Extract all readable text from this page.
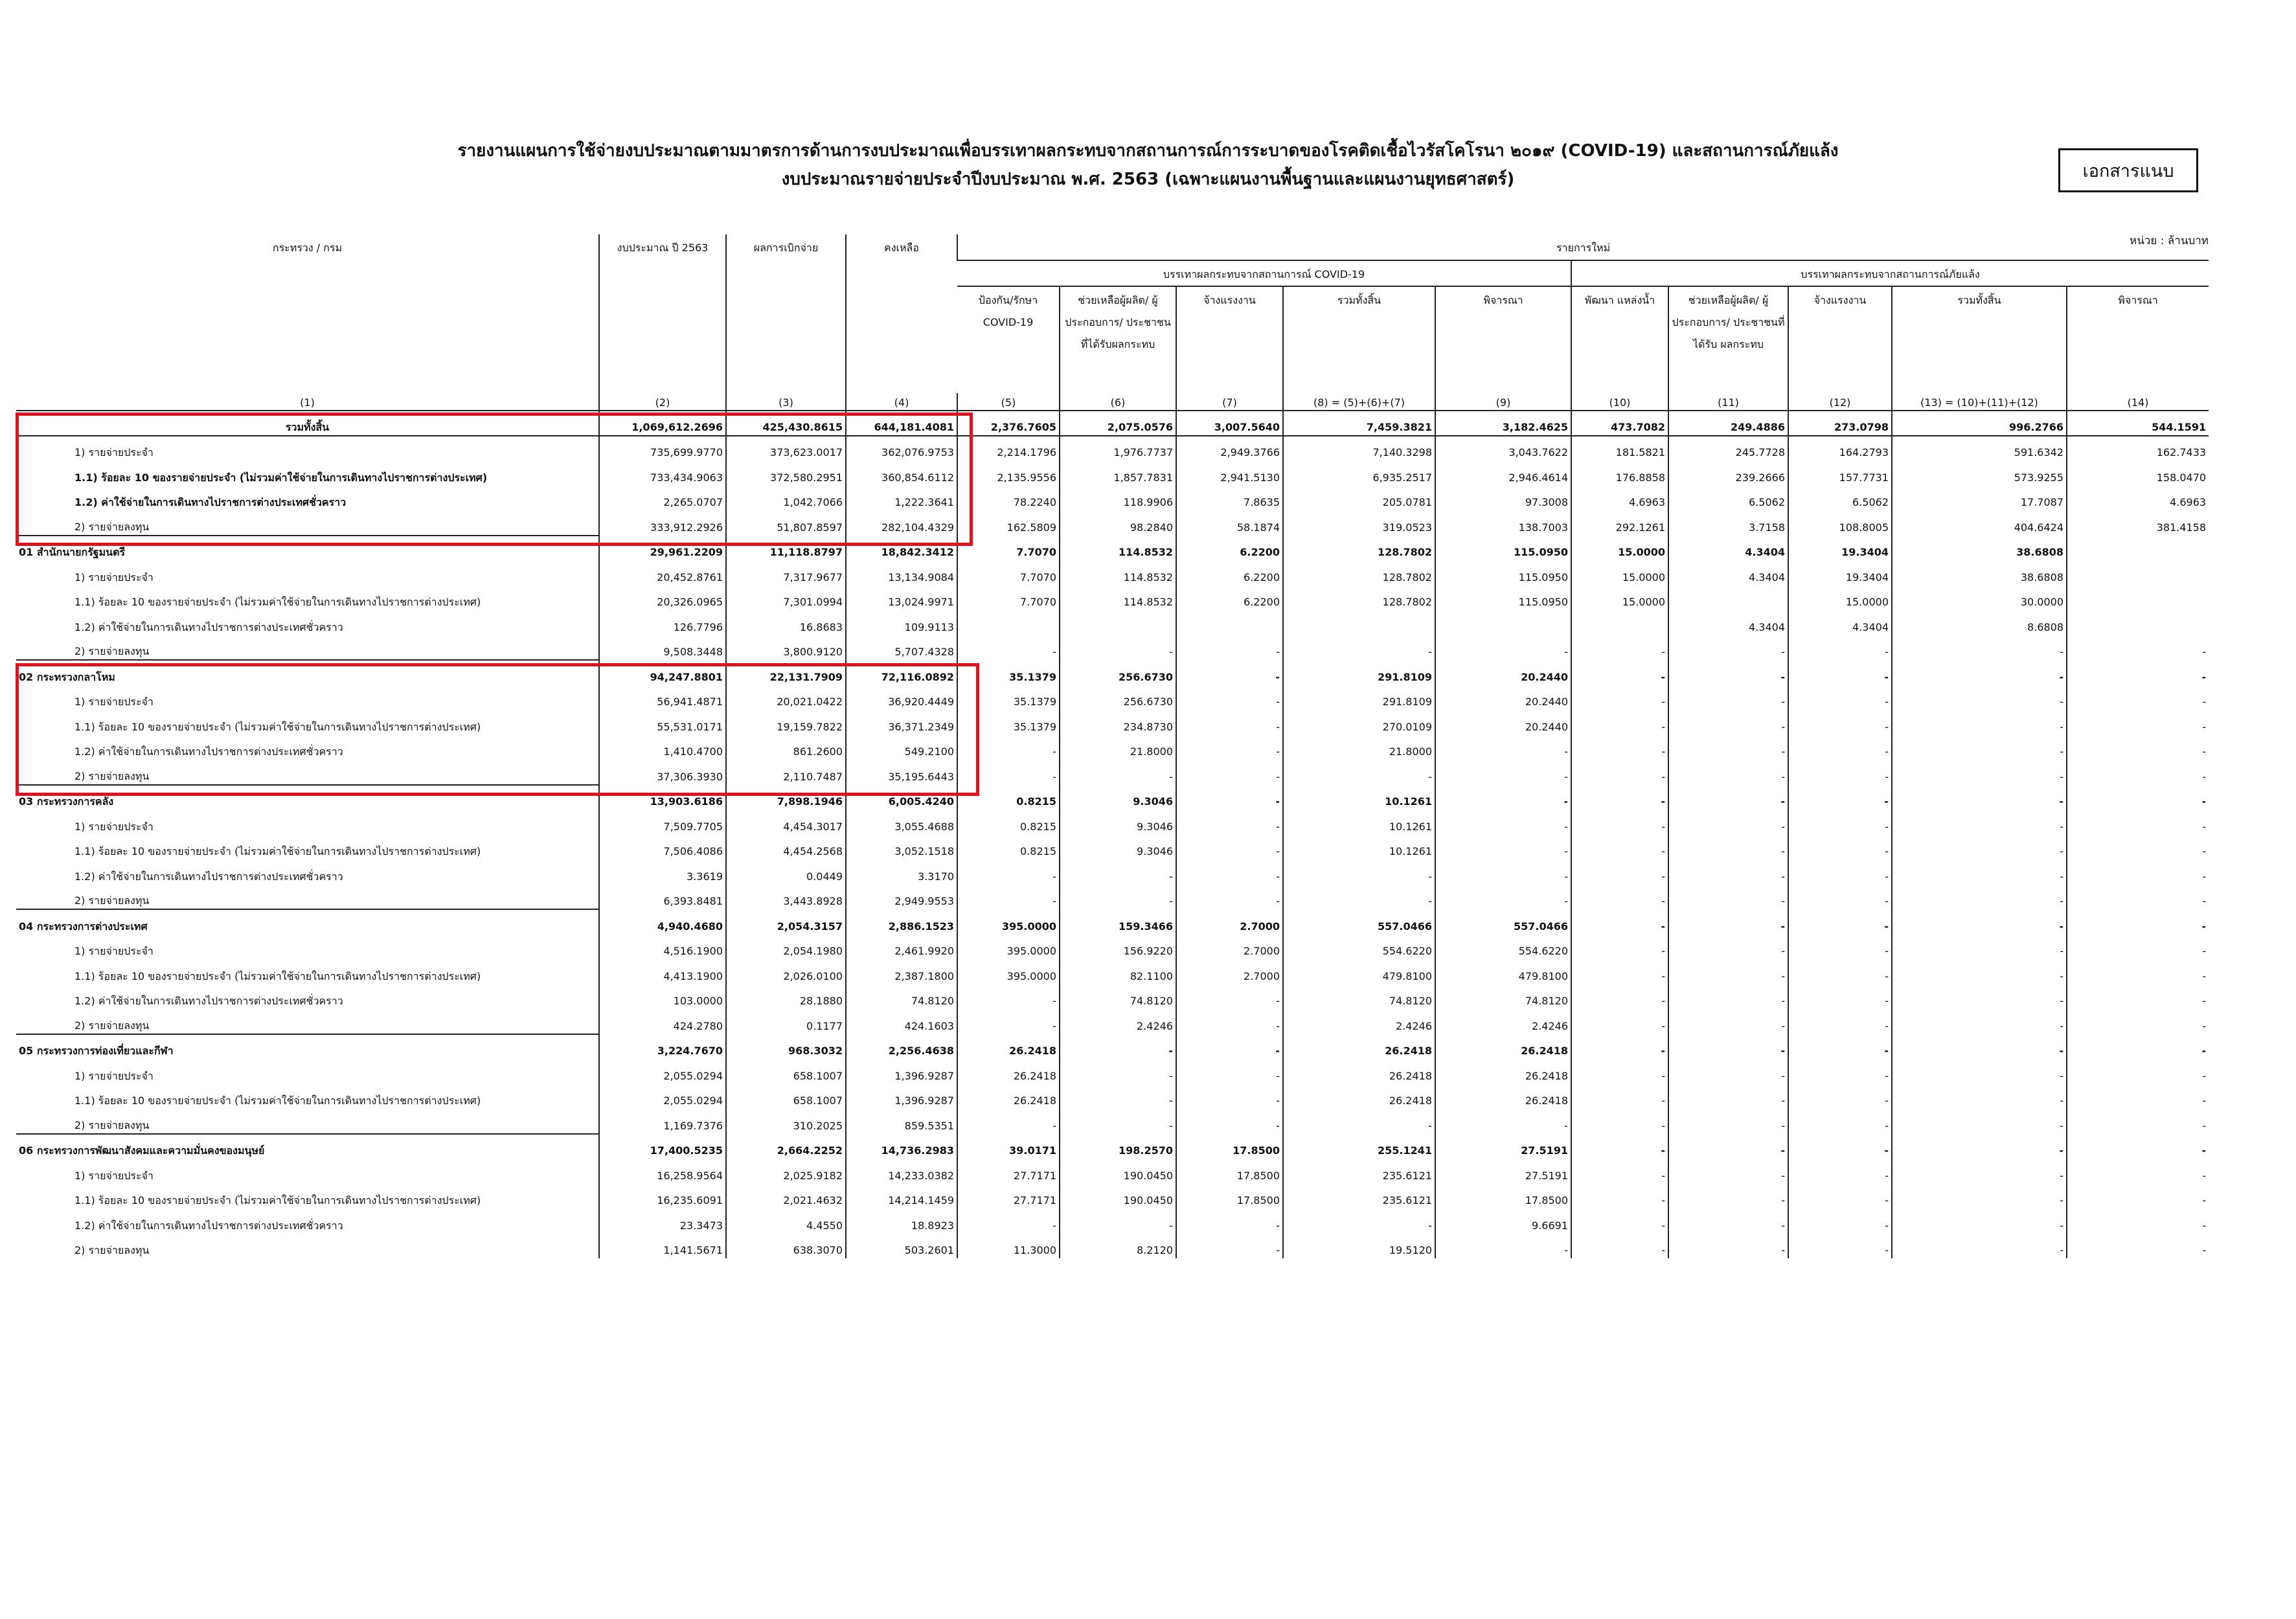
รายงานแผนการใช้จ่ายงบประมาณตามมาตรการด้านการงบประมาณเพื่อบรรเทาผลกระทบจากสถานการณ์การระบาดของโรคติดเชื้อไวรัสโคโรนา ๒๐๑๙ (COVID-19) และสถานการณ์ภัยแล้ง
งบประมาณรายจ่ายประจำปีงบประมาณ พ.ศ. 2563 (เฉพาะแผนงานพื้นฐานและแผนงานยุทธศาสตร์)	เอกสารแนบ
หน่วย : ล้านบาท
กระทรวง / กรม	งบประมาณ ปี 2563	ผลการเบิกจ่าย	คงเหลือ	รายการใหม่									
				บรรเทาผลกระทบจากสถานการณ์ COVID-19					บรรเทาผลกระทบจากสถานการณ์ภัยแล้ง				
				ป้องกัน/รักษา COVID-19	ช่วยเหลือผู้ผลิต/ ผู้ประกอบการ/ ประชาชนที่ได้รับผลกระทบ	จ้างแรงงาน	รวมทั้งสิ้น	พิจารณา	พัฒนา แหล่งน้ำ	ช่วยเหลือผู้ผลิต/ ผู้ประกอบการ/ ประชาชนที่ได้รับ ผลกระทบ	จ้างแรงงาน	รวมทั้งสิ้น	พิจารณา
(1)	(2)	(3)	(4)	(5)	(6)	(7)	(8) = (5)+(6)+(7)	(9)	(10)	(11)	(12)	(13) = (10)+(11)+(12)	(14)
รวมทั้งสิ้น	1,069,612.2696	425,430.8615	644,181.4081	2,376.7605	2,075.0576	3,007.5640	7,459.3821	3,182.4625	473.7082	249.4886	273.0798	996.2766	544.1591
1) รายจ่ายประจำ	735,699.9770	373,623.0017	362,076.9753	2,214.1796	1,976.7737	2,949.3766	7,140.3298	3,043.7622	181.5821	245.7728	164.2793	591.6342	162.7433
1.1) ร้อยละ 10 ของรายจ่ายประจำ (ไม่รวมค่าใช้จ่ายในการเดินทางไปราชการต่างประเทศ)	733,434.9063	372,580.2951	360,854.6112	2,135.9556	1,857.7831	2,941.5130	6,935.2517	2,946.4614	176.8858	239.2666	157.7731	573.9255	158.0470
1.2) ค่าใช้จ่ายในการเดินทางไปราชการต่างประเทศชั่วคราว	2,265.0707	1,042.7066	1,222.3641	78.2240	118.9906	7.8635	205.0781	97.3008	4.6963	6.5062	6.5062	17.7087	4.6963
2) รายจ่ายลงทุน	333,912.2926	51,807.8597	282,104.4329	162.5809	98.2840	58.1874	319.0523	138.7003	292.1261	3.7158	108.8005	404.6424	381.4158
01 สำนักนายกรัฐมนตรี	29,961.2209	11,118.8797	18,842.3412	7.7070	114.8532	6.2200	128.7802	115.0950	15.0000	4.3404	19.3404	38.6808	
1) รายจ่ายประจำ	20,452.8761	7,317.9677	13,134.9084	7.7070	114.8532	6.2200	128.7802	115.0950	15.0000	4.3404	19.3404	38.6808	
1.1) ร้อยละ 10 ของรายจ่ายประจำ (ไม่รวมค่าใช้จ่ายในการเดินทางไปราชการต่างประเทศ)	20,326.0965	7,301.0994	13,024.9971	7.7070	114.8532	6.2200	128.7802	115.0950	15.0000		15.0000	30.0000	
1.2) ค่าใช้จ่ายในการเดินทางไปราชการต่างประเทศชั่วคราว	126.7796	16.8683	109.9113							4.3404	4.3404	8.6808	
2) รายจ่ายลงทุน	9,508.3448	3,800.9120	5,707.4328	-	-	-	-	-	-	-	-	-	-
02 กระทรวงกลาโหม	94,247.8801	22,131.7909	72,116.0892	35.1379	256.6730	-	291.8109	20.2440	-	-	-	-	-
1) รายจ่ายประจำ	56,941.4871	20,021.0422	36,920.4449	35.1379	256.6730	-	291.8109	20.2440	-	-	-	-	-
1.1) ร้อยละ 10 ของรายจ่ายประจำ (ไม่รวมค่าใช้จ่ายในการเดินทางไปราชการต่างประเทศ)	55,531.0171	19,159.7822	36,371.2349	35.1379	234.8730	-	270.0109	20.2440	-	-	-	-	-
1.2) ค่าใช้จ่ายในการเดินทางไปราชการต่างประเทศชั่วคราว	1,410.4700	861.2600	549.2100	-	21.8000	-	21.8000	-	-	-	-	-	-
2) รายจ่ายลงทุน	37,306.3930	2,110.7487	35,195.6443	-	-	-	-	-	-	-	-	-	-
03 กระทรวงการคลัง	13,903.6186	7,898.1946	6,005.4240	0.8215	9.3046	-	10.1261	-	-	-	-	-	-
1) รายจ่ายประจำ	7,509.7705	4,454.3017	3,055.4688	0.8215	9.3046	-	10.1261	-	-	-	-	-	-
1.1) ร้อยละ 10 ของรายจ่ายประจำ (ไม่รวมค่าใช้จ่ายในการเดินทางไปราชการต่างประเทศ)	7,506.4086	4,454.2568	3,052.1518	0.8215	9.3046	-	10.1261	-	-	-	-	-	-
1.2) ค่าใช้จ่ายในการเดินทางไปราชการต่างประเทศชั่วคราว	3.3619	0.0449	3.3170	-	-	-	-	-	-	-	-	-	-
2) รายจ่ายลงทุน	6,393.8481	3,443.8928	2,949.9553	-	-	-	-	-	-	-	-	-	-
04 กระทรวงการต่างประเทศ	4,940.4680	2,054.3157	2,886.1523	395.0000	159.3466	2.7000	557.0466	557.0466	-	-	-	-	-
1) รายจ่ายประจำ	4,516.1900	2,054.1980	2,461.9920	395.0000	156.9220	2.7000	554.6220	554.6220	-	-	-	-	-
1.1) ร้อยละ 10 ของรายจ่ายประจำ (ไม่รวมค่าใช้จ่ายในการเดินทางไปราชการต่างประเทศ)	4,413.1900	2,026.0100	2,387.1800	395.0000	82.1100	2.7000	479.8100	479.8100	-	-	-	-	-
1.2) ค่าใช้จ่ายในการเดินทางไปราชการต่างประเทศชั่วคราว	103.0000	28.1880	74.8120	-	74.8120	-	74.8120	74.8120	-	-	-	-	-
2) รายจ่ายลงทุน	424.2780	0.1177	424.1603	-	2.4246	-	2.4246	2.4246	-	-	-	-	-
05 กระทรวงการท่องเที่ยวและกีฬา	3,224.7670	968.3032	2,256.4638	26.2418	-	-	26.2418	26.2418	-	-	-	-	-
1) รายจ่ายประจำ	2,055.0294	658.1007	1,396.9287	26.2418	-	-	26.2418	26.2418	-	-	-	-	-
1.1) ร้อยละ 10 ของรายจ่ายประจำ (ไม่รวมค่าใช้จ่ายในการเดินทางไปราชการต่างประเทศ)	2,055.0294	658.1007	1,396.9287	26.2418	-	-	26.2418	26.2418	-	-	-	-	-
2) รายจ่ายลงทุน	1,169.7376	310.2025	859.5351	-	-	-	-	-	-	-	-	-	-
06 กระทรวงการพัฒนาสังคมและความมั่นคงของมนุษย์	17,400.5235	2,664.2252	14,736.2983	39.0171	198.2570	17.8500	255.1241	27.5191	-	-	-	-	-
1) รายจ่ายประจำ	16,258.9564	2,025.9182	14,233.0382	27.7171	190.0450	17.8500	235.6121	27.5191	-	-	-	-	-
1.1) ร้อยละ 10 ของรายจ่ายประจำ (ไม่รวมค่าใช้จ่ายในการเดินทางไปราชการต่างประเทศ)	16,235.6091	2,021.4632	14,214.1459	27.7171	190.0450	17.8500	235.6121	17.8500	-	-	-	-	-
1.2) ค่าใช้จ่ายในการเดินทางไปราชการต่างประเทศชั่วคราว	23.3473	4.4550	18.8923	-	-	-	-	9.6691	-	-	-	-	-
2) รายจ่ายลงทุน	1,141.5671	638.3070	503.2601	11.3000	8.2120	-	19.5120	-	-	-	-	-	-
